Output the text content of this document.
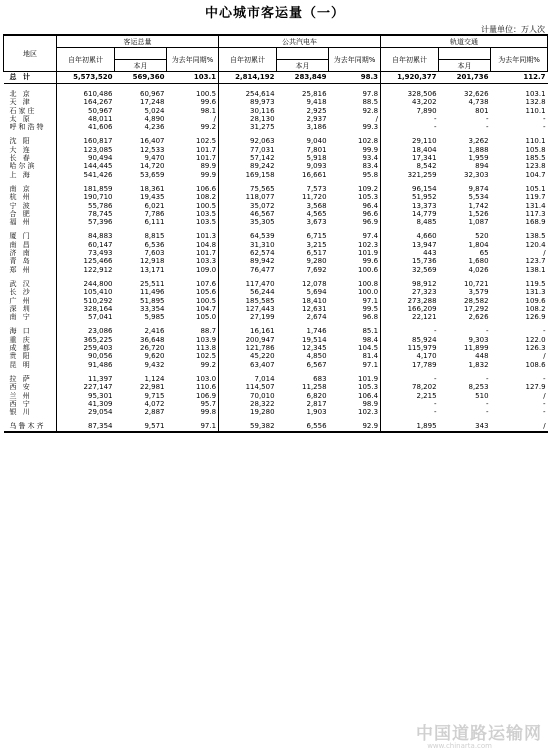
中心城市客运量（一）
计量单位：万人次
地区	客运总量			公共汽电车			轨道交通		
	自年初累计		为去年同期%	自年初累计		为去年同期%	自年初累计		为去年同期%
		本月			本月			本月	
总 计	5,573,520	569,360	103.1	2,814,192	283,849	98.3	1,920,377	201,736	112.7

北 京	610,486	60,967	100.5	254,614	25,816	97.8	328,506	32,626	103.1
天 津	164,267	17,248	99.6	89,973	9,418	88.5	43,202	4,738	132.8
石家庄	50,967	5,024	98.1	30,116	2,925	92.8	7,890	801	110.1
太 原	48,011	4,890	/	28,130	2,937	/	-	-	-
呼和浩特	41,606	4,236	99.2	31,275	3,186	99.3	-	-	-

沈 阳	160,817	16,407	102.5	92,063	9,040	102.8	29,110	3,262	110.1
大 连	123,085	12,533	101.7	77,031	7,801	99.9	18,404	1,888	105.8
长 春	90,494	9,470	101.7	57,142	5,918	93.4	17,341	1,959	185.5
哈尔滨	144,445	14,720	89.9	89,242	9,093	83.4	8,542	894	123.8
上 海	541,426	53,659	99.9	169,158	16,661	95.8	321,259	32,303	104.7

南 京	181,859	18,361	106.6	75,565	7,573	109.2	96,154	9,874	105.1
杭 州	190,710	19,435	108.2	118,077	11,720	105.3	51,952	5,534	119.7
宁 波	55,786	6,021	100.5	35,072	3,568	96.4	13,373	1,742	131.4
合 肥	78,745	7,786	103.5	46,567	4,565	96.6	14,779	1,526	117.3
福 州	57,396	6,111	103.5	35,305	3,673	96.9	8,485	1,087	168.9

厦 门	84,883	8,815	101.3	64,539	6,715	97.4	4,660	520	138.5
南 昌	60,147	6,536	104.8	31,310	3,215	102.3	13,947	1,804	120.4
济 南	73,493	7,603	101.7	62,574	6,517	101.9	443	65	/
青 岛	125,466	12,918	103.3	89,942	9,280	99.6	15,736	1,680	123.7
郑 州	122,912	13,171	109.0	76,477	7,692	100.6	32,569	4,026	138.1

武 汉	244,800	25,511	107.6	117,470	12,078	100.8	98,912	10,721	119.5
长 沙	105,410	11,496	105.6	56,244	5,694	100.0	27,323	3,579	131.3
广 州	510,292	51,895	100.5	185,585	18,410	97.1	273,288	28,582	109.6
深 圳	328,164	33,354	104.7	127,443	12,631	99.5	166,209	17,292	108.2
南 宁	57,041	5,985	105.0	27,199	2,674	96.8	22,121	2,626	126.9

海 口	23,086	2,416	88.7	16,161	1,746	85.1	-	-	-
重 庆	365,225	36,648	103.9	200,947	19,514	98.4	85,924	9,303	122.0
成 都	259,403	26,720	113.8	121,786	12,345	104.5	115,979	11,899	126.3
贵 阳	90,056	9,620	102.5	45,220	4,850	81.4	4,170	448	/
昆 明	91,486	9,432	99.2	63,407	6,567	97.1	17,789	1,832	108.6

拉 萨	11,397	1,124	103.0	7,014	683	101.9	-	-	-
西 安	227,147	22,981	110.6	114,507	11,258	105.3	78,202	8,253	127.9
兰 州	95,301	9,715	106.9	70,010	6,820	106.4	2,215	510	/
西 宁	41,309	4,072	95.7	28,322	2,817	98.9	-	-	-
银 川	29,054	2,887	99.8	19,280	1,903	102.3	-	-	-

乌鲁木齐	87,354	9,571	97.1	59,382	6,556	92.9	1,895	343	/
中国道路运输网
www.chinarta.com
